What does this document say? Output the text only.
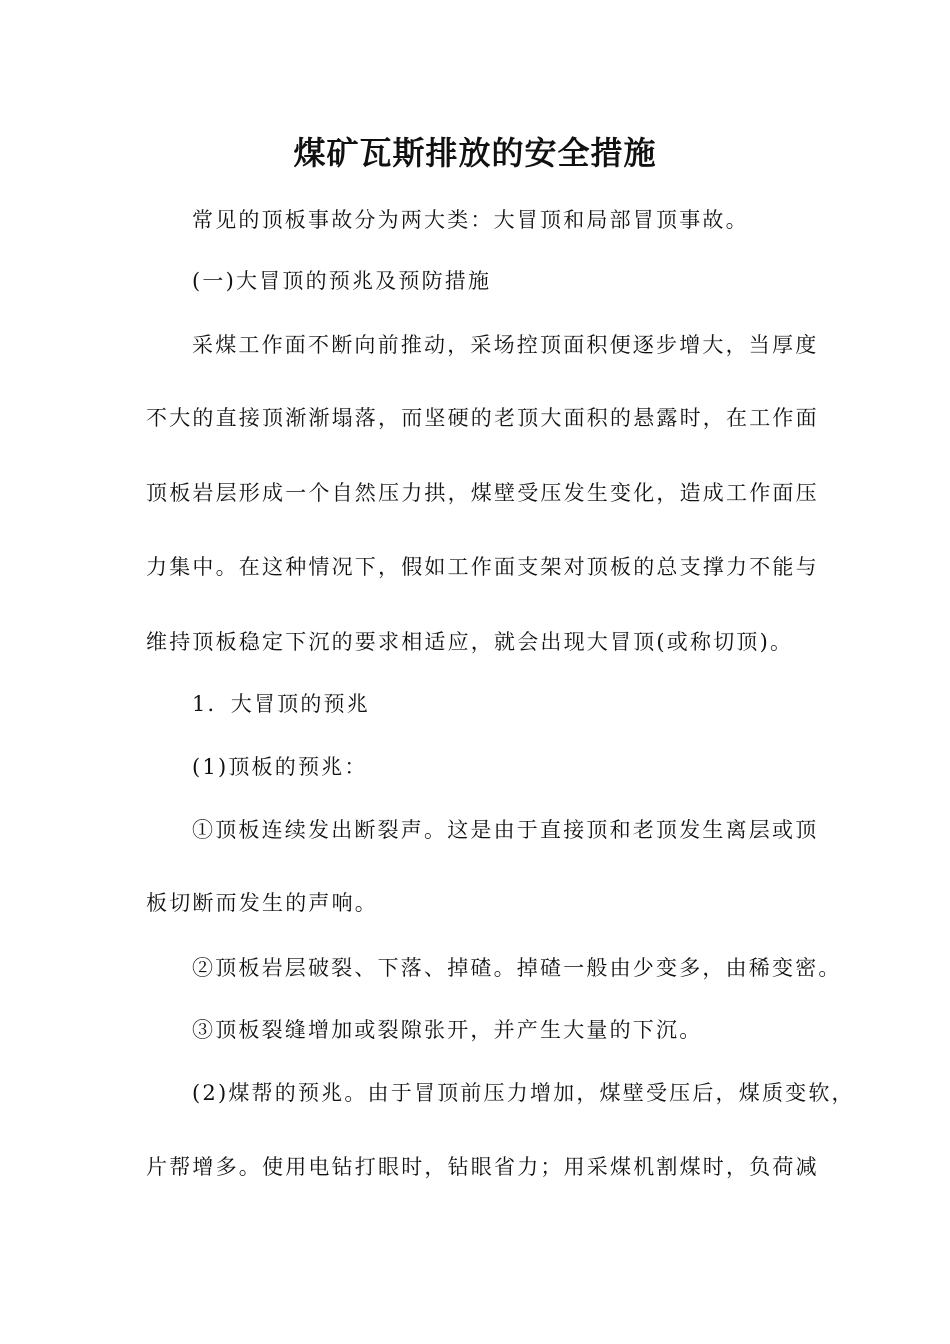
煤矿瓦斯排放的安全措施
常见的顶板事故分为两大类：大冒顶和局部冒顶事故。
(一)大冒顶的预兆及预防措施
采煤工作面不断向前推动，采场控顶面积便逐步增大，当厚度
不大的直接顶渐渐塌落，而坚硬的老顶大面积的悬露时，在工作面
顶板岩层形成一个自然压力拱，煤壁受压发生变化，造成工作面压
力集中。在这种情况下，假如工作面支架对顶板的总支撑力不能与
维持顶板稳定下沉的要求相适应，就会出现大冒顶(或称切顶)。
1．大冒顶的预兆
(1)顶板的预兆：
①顶板连续发出断裂声。这是由于直接顶和老顶发生离层或顶
板切断而发生的声响。
②顶板岩层破裂、下落、掉碴。掉碴一般由少变多，由稀变密。
③顶板裂缝增加或裂隙张开，并产生大量的下沉。
(2)煤帮的预兆。由于冒顶前压力增加，煤壁受压后，煤质变软，
片帮增多。使用电钻打眼时，钻眼省力；用采煤机割煤时，负荷减
